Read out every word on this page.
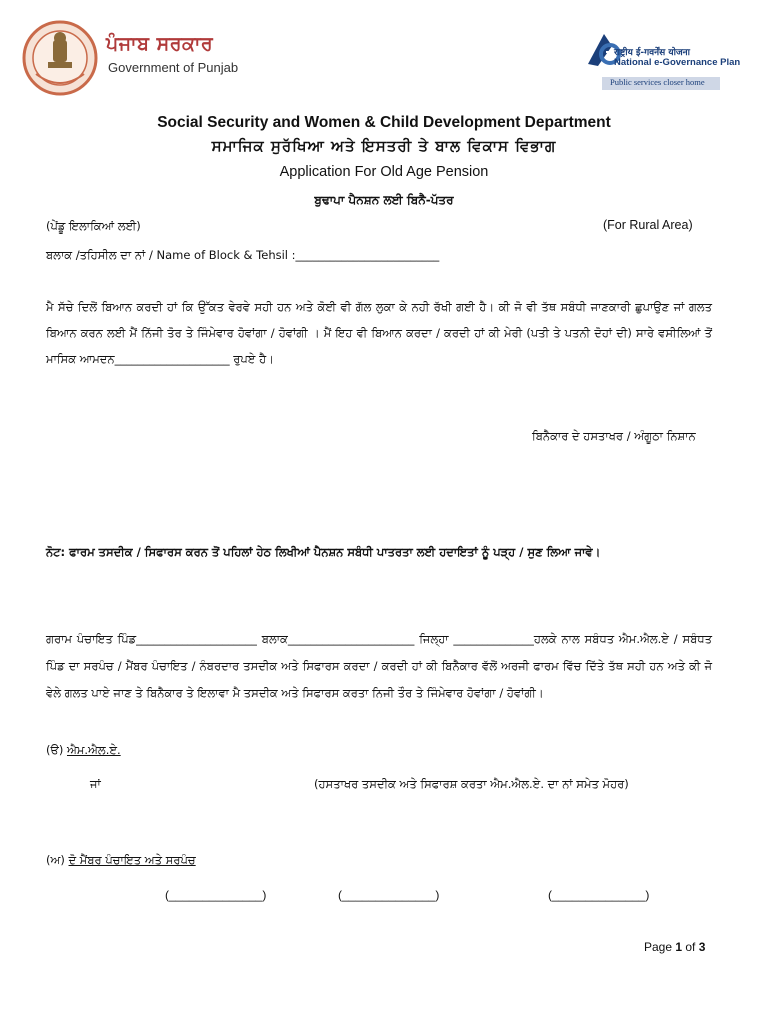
ਪੰਜਾਬ ਸਰਕਾਰ
Government of Punjab
राष्ट्रीय ई-गवर्नेंस योजना
National e-Governance Plan
Public services closer home
Social Security and Women & Child Development Department
ਸਮਾਜਿਕ ਸੁਰੱਖਿਆ ਅਤੇ ਇਸਤਰੀ ਤੇ ਬਾਲ ਵਿਕਾਸ ਵਿਭਾਗ
Application For Old Age Pension
ਬੁਢਾਪਾ ਪੈਨਸ਼ਨ ਲਈ ਬਿਨੈ-ਪੱਤਰ
(ਪੇਂਡੂ ਇਲਾਕਿਆਂ ਲਈ)	(For Rural Area)
ਬਲਾਕ /ਤਹਿਸੀਲ ਦਾ ਨਾਂ / Name of Block & Tehsil :_________________________
ਮੈ ਸੱਚੇ ਦਿਲੋਂ ਬਿਆਨ ਕਰਦੀ ਹਾਂ ਕਿ ਉੱਕਤ ਵੇਰਵੇ ਸਹੀ ਹਨ ਅਤੇ ਕੋਈ ਵੀ ਗੱਲ ਲੁਕਾ ਕੇ ਨਹੀ ਰੱਖੀ ਗਈ ਹੈ। ਕੀ ਜੋ ਵੀ ਤੱਥ ਸਬੰਧੀ ਜਾਣਕਾਰੀ ਛੁਪਾਉਣ ਜਾਂ ਗਲਤ ਬਿਆਨ ਕਰਨ ਲਈ ਮੈਂ ਨਿੱਜੀ ਤੋਰ ਤੇ ਜਿੰਮੇਵਾਰ ਹੋਵਾਂਗਾ / ਹੋਵਾਂਗੀ । ਮੈਂ ਇਹ ਵੀ ਬਿਆਨ ਕਰਦਾ / ਕਰਦੀ ਹਾਂ ਕੀ ਮੇਰੀ (ਪਤੀ ਤੇ ਪਤਨੀ ਦੋਹਾਂ ਦੀ) ਸਾਰੇ ਵਸੀਲਿਆਂ ਤੋਂ ਮਾਸਿਕ ਆਮਦਨ____________________ ਰੁਪਏ ਹੈ।
ਬਿਨੈਕਾਰ ਦੇ ਹਸਤਾਖਰ / ਅੰਗੂਠਾ ਨਿਸ਼ਾਨ
ਨੋਟ: ਫਾਰਮ ਤਸਦੀਕ / ਸਿਫਾਰਸ ਕਰਨ ਤੋਂ ਪਹਿਲਾਂ ਹੇਠ ਲਿਖੀਆਂ ਪੈਨਸ਼ਨ ਸਬੰਧੀ ਪਾਤਰਤਾ ਲਈ ਹਦਾਇਤਾਂ ਨੂੰ ਪੜ੍ਹ / ਸੁਣ ਲਿਆ ਜਾਵੇ।
ਗਰਾਮ ਪੰਚਾਇਤ ਪਿੰਡ_____________________ ਬਲਾਕ______________________ ਜਿਲ੍ਹਾ ______________ਹਲਕੇ ਨਾਲ ਸਬੰਧਤ ਐਮ.ਐਲ.ਏ / ਸਬੰਧਤ ਪਿੰਡ ਦਾ ਸਰਪੰਚ / ਮੈਂਬਰ ਪੰਚਾਇਤ / ਨੰਬਰਦਾਰ ਤਸਦੀਕ ਅਤੇ ਸਿਫਾਰਸ ਕਰਦਾ / ਕਰਦੀ ਹਾਂ ਕੀ ਬਿਨੈਕਾਰ ਵੱਲੋਂ ਅਰਜੀ ਫਾਰਮ ਵਿੱਚ ਦਿੱਤੇ ਤੱਥ ਸਹੀ ਹਨ ਅਤੇ ਕੀ ਜੋ ਵੇਲੇ ਗਲਤ ਪਾਏ ਜਾਣ ਤੇ ਬਿਨੈਕਾਰ ਤੇ ਇਲਾਵਾ ਮੈ ਤਸਦੀਕ ਅਤੇ ਸਿਫਾਰਸ ਕਰਤਾ ਨਿਜੀ ਤੌਰ ਤੇ ਜਿੰਮੇਵਾਰ ਹੋਵਾਂਗਾ / ਹੋਵਾਂਗੀ।
(ੳ) ਐਮ.ਐਲ.ਏ.
ਜਾਂ	(ਹਸਤਾਖਰ ਤਸਦੀਕ ਅਤੇ ਸਿਫਾਰਸ਼ ਕਰਤਾ ਐਮ.ਐਲ.ਏ. ਦਾ ਨਾਂ ਸਮੇਤ ਮੋਹਰ)
(ਅ) ਦੋ ਮੈਂਬਰ ਪੰਚਾਇਤ ਅਤੇ ਸਰਪੰਚ
(______________)	(______________)	(______________)
Page 1 of 3
